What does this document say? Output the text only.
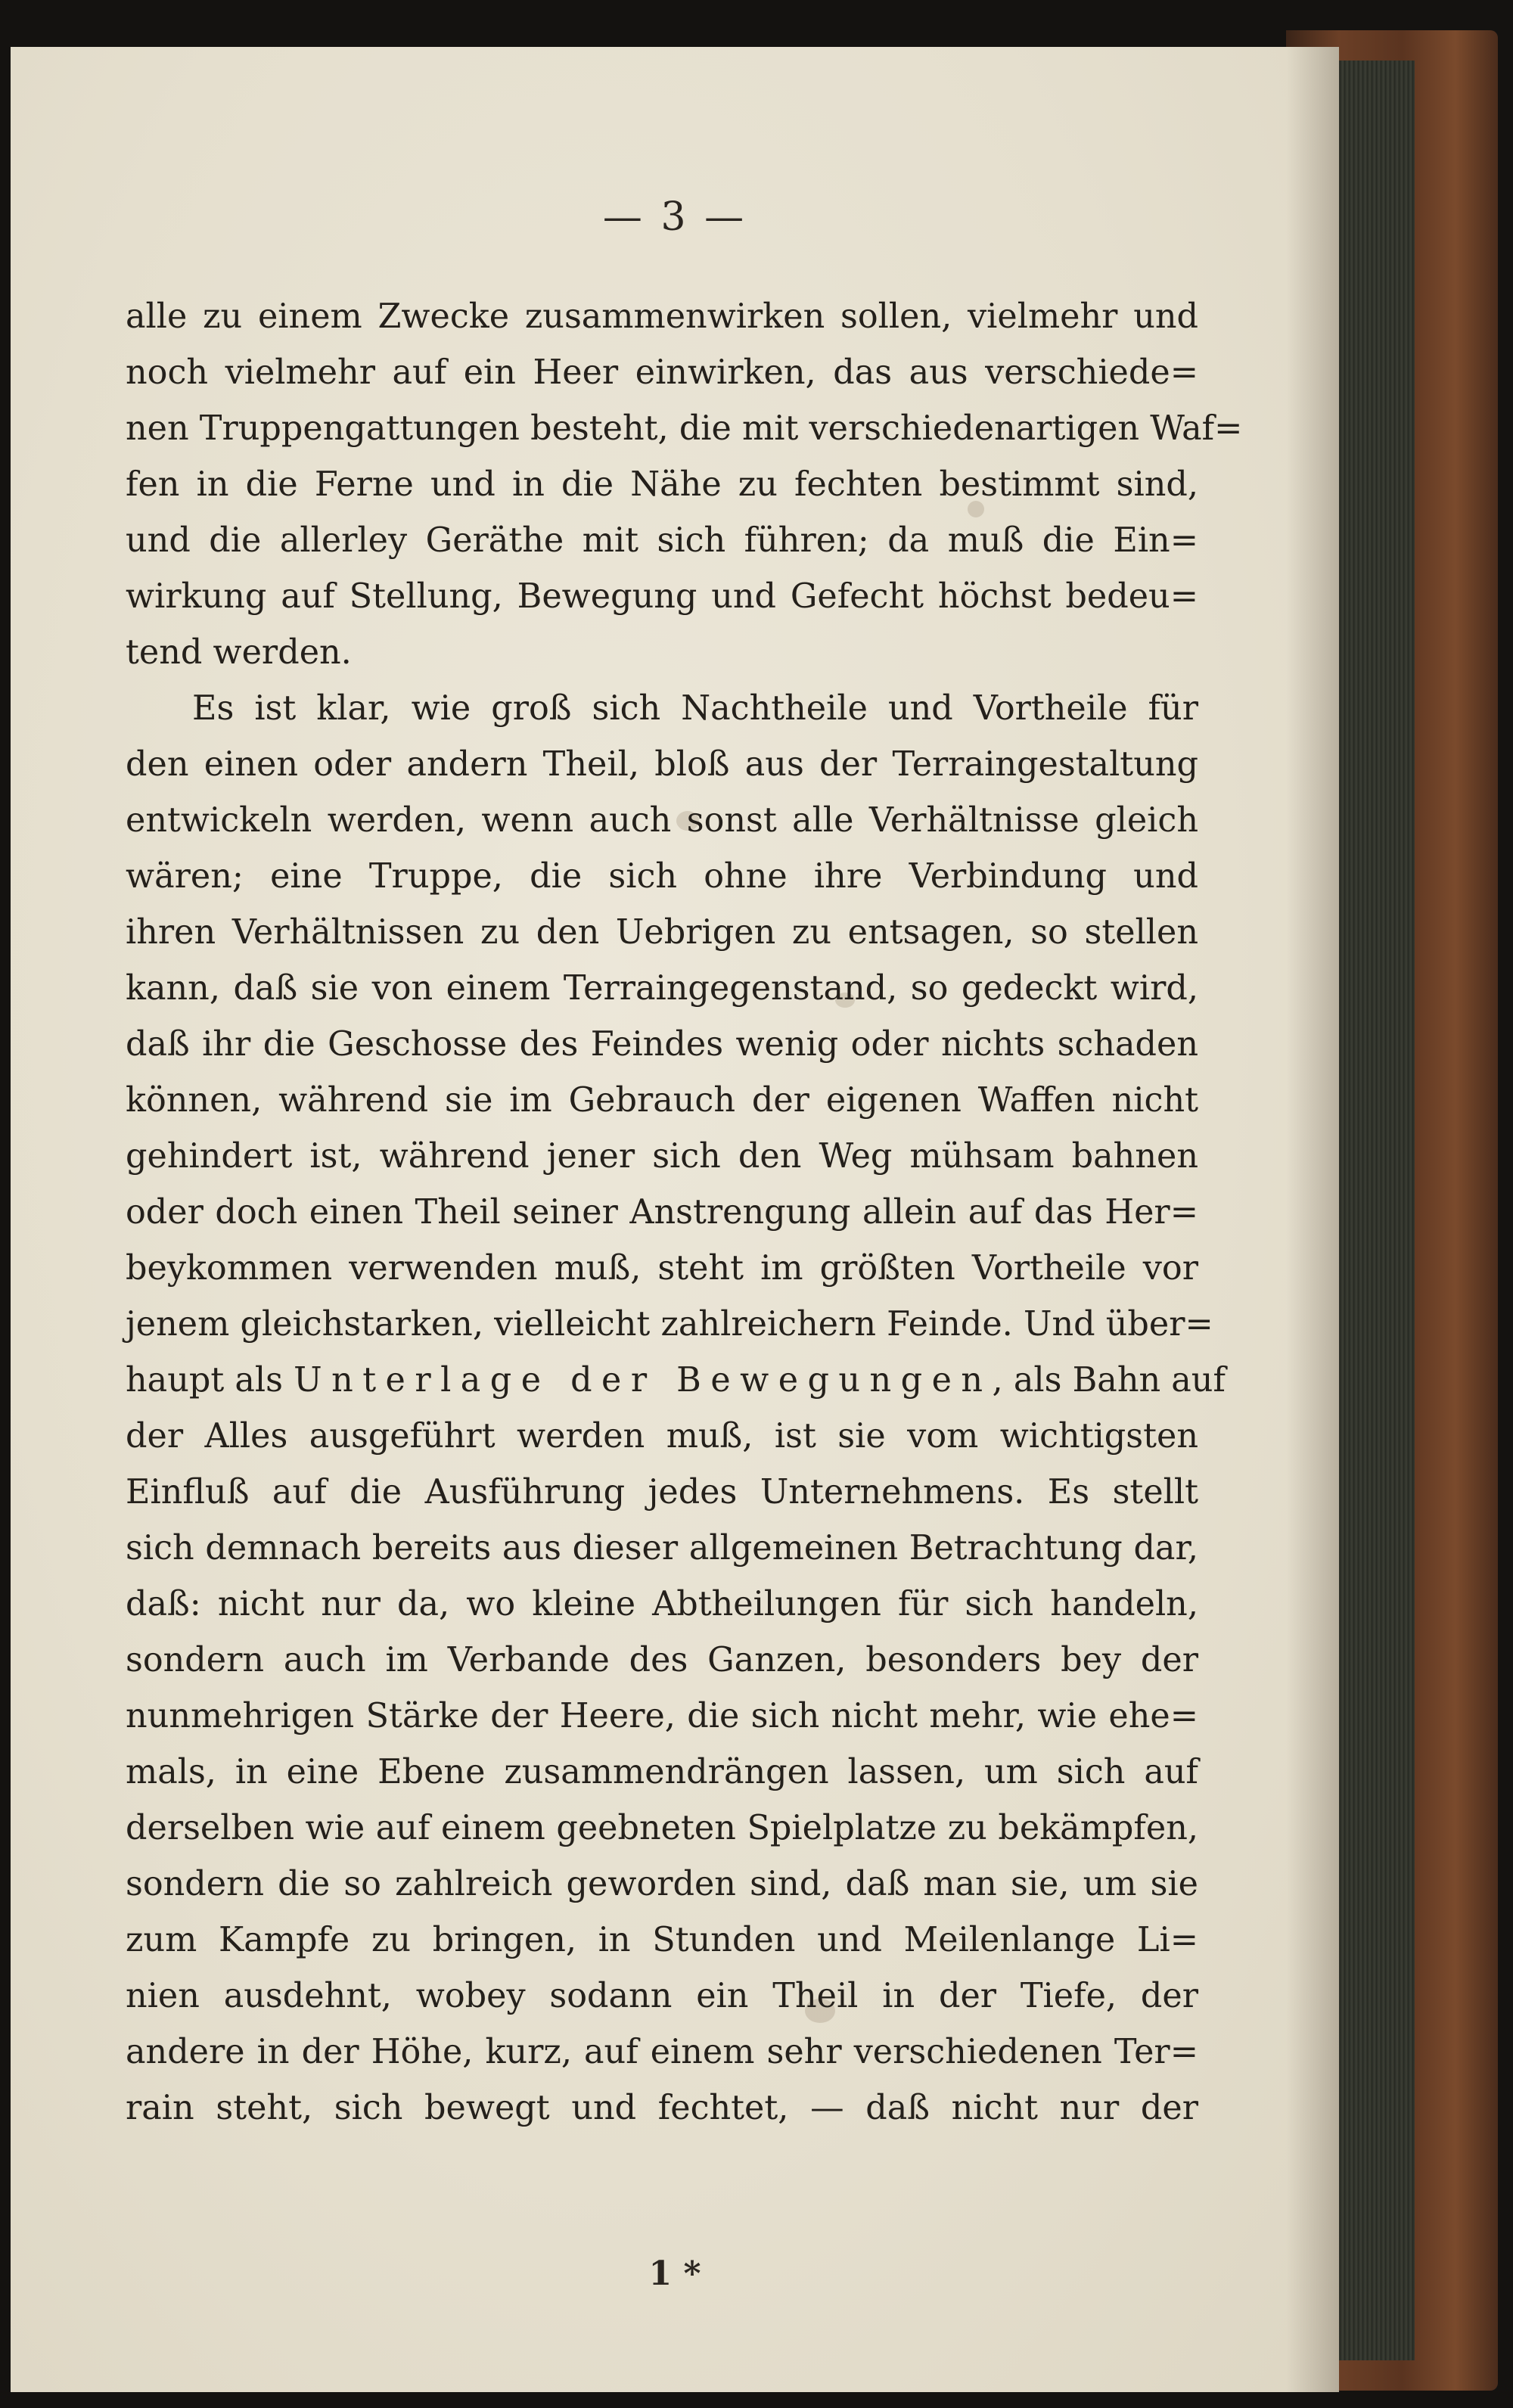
— 3 —
alle zu einem Zwecke zusammenwirken sollen, vielmehr und
noch vielmehr auf ein Heer einwirken, das aus verschiede=
nen Truppengattungen besteht, die mit verschiedenartigen Waf=
fen in die Ferne und in die Nähe zu fechten bestimmt sind,
und die allerley Geräthe mit sich führen; da muß die Ein=
wirkung auf Stellung, Bewegung und Gefecht höchst bedeu=
tend werden.
Es ist klar, wie groß sich Nachtheile und Vortheile für
den einen oder andern Theil, bloß aus der Terraingestaltung
entwickeln werden, wenn auch sonst alle Verhältnisse gleich
wären; eine Truppe, die sich ohne ihre Verbindung und
ihren Verhältnissen zu den Uebrigen zu entsagen, so stellen
kann, daß sie von einem Terraingegenstand, so gedeckt wird,
daß ihr die Geschosse des Feindes wenig oder nichts schaden
können, während sie im Gebrauch der eigenen Waffen nicht
gehindert ist, während jener sich den Weg mühsam bahnen
oder doch einen Theil seiner Anstrengung allein auf das Her=
beykommen verwenden muß, steht im größten Vortheile vor
jenem gleichstarken, vielleicht zahlreichern Feinde. Und über=
haupt als Unterlage der Bewegungen, als Bahn auf
der Alles ausgeführt werden muß, ist sie vom wichtigsten
Einfluß auf die Ausführung jedes Unternehmens. Es stellt
sich demnach bereits aus dieser allgemeinen Betrachtung dar,
daß: nicht nur da, wo kleine Abtheilungen für sich handeln,
sondern auch im Verbande des Ganzen, besonders bey der
nunmehrigen Stärke der Heere, die sich nicht mehr, wie ehe=
mals, in eine Ebene zusammendrängen lassen, um sich auf
derselben wie auf einem geebneten Spielplatze zu bekämpfen,
sondern die so zahlreich geworden sind, daß man sie, um sie
zum Kampfe zu bringen, in Stunden und Meilenlange Li=
nien ausdehnt, wobey sodann ein Theil in der Tiefe, der
andere in der Höhe, kurz, auf einem sehr verschiedenen Ter=
rain steht, sich bewegt und fechtet, — daß nicht nur der
1 *
